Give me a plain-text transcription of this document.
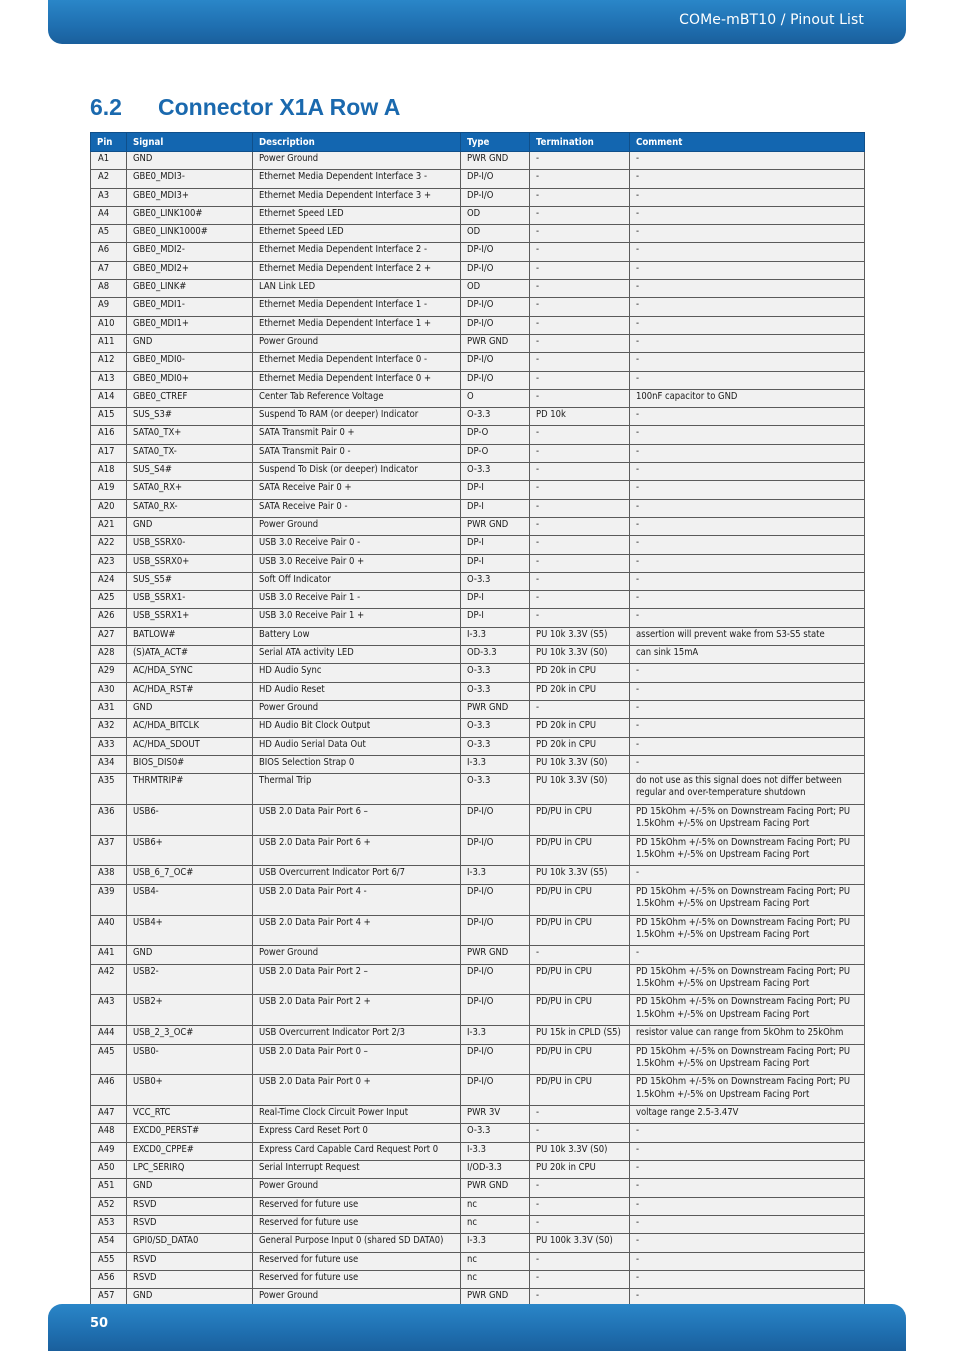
COMe-mBT10 / Pinout List
6.2 Connector X1A Row A
Pin	Signal	Description	Type	Termination	Comment
A1	GND	Power Ground	PWR GND	-	-
A2	GBE0_MDI3-	Ethernet Media Dependent Interface 3 -	DP-I/O	-	-
A3	GBE0_MDI3+	Ethernet Media Dependent Interface 3 +	DP-I/O	-	-
A4	GBE0_LINK100#	Ethernet Speed LED	OD	-	-
A5	GBE0_LINK1000#	Ethernet Speed LED	OD	-	-
A6	GBE0_MDI2-	Ethernet Media Dependent Interface 2 -	DP-I/O	-	-
A7	GBE0_MDI2+	Ethernet Media Dependent Interface 2 +	DP-I/O	-	-
A8	GBE0_LINK#	LAN Link LED	OD	-	-
A9	GBE0_MDI1-	Ethernet Media Dependent Interface 1 -	DP-I/O	-	-
A10	GBE0_MDI1+	Ethernet Media Dependent Interface 1 +	DP-I/O	-	-
A11	GND	Power Ground	PWR GND	-	-
A12	GBE0_MDI0-	Ethernet Media Dependent Interface 0 -	DP-I/O	-	-
A13	GBE0_MDI0+	Ethernet Media Dependent Interface 0 +	DP-I/O	-	-
A14	GBE0_CTREF	Center Tab Reference Voltage	O	-	100nF capacitor to GND
A15	SUS_S3#	Suspend To RAM (or deeper) Indicator	O-3.3	PD 10k	-
A16	SATA0_TX+	SATA Transmit Pair 0 +	DP-O	-	-
A17	SATA0_TX-	SATA Transmit Pair 0 -	DP-O	-	-
A18	SUS_S4#	Suspend To Disk (or deeper) Indicator	O-3.3	-	-
A19	SATA0_RX+	SATA Receive Pair 0 +	DP-I	-	-
A20	SATA0_RX-	SATA Receive Pair 0 -	DP-I	-	-
A21	GND	Power Ground	PWR GND	-	-
A22	USB_SSRX0-	USB 3.0 Receive Pair 0 -	DP-I	-	-
A23	USB_SSRX0+	USB 3.0 Receive Pair 0 +	DP-I	-	-
A24	SUS_S5#	Soft Off Indicator	O-3.3	-	-
A25	USB_SSRX1-	USB 3.0 Receive Pair 1 -	DP-I	-	-
A26	USB_SSRX1+	USB 3.0 Receive Pair 1 +	DP-I	-	-
A27	BATLOW#	Battery Low	I-3.3	PU 10k 3.3V (S5)	assertion will prevent wake from S3-S5 state
A28	(S)ATA_ACT#	Serial ATA activity LED	OD-3.3	PU 10k 3.3V (S0)	can sink 15mA
A29	AC/HDA_SYNC	HD Audio Sync	O-3.3	PD 20k in CPU	-
A30	AC/HDA_RST#	HD Audio Reset	O-3.3	PD 20k in CPU	-
A31	GND	Power Ground	PWR GND	-	-
A32	AC/HDA_BITCLK	HD Audio Bit Clock Output	O-3.3	PD 20k in CPU	-
A33	AC/HDA_SDOUT	HD Audio Serial Data Out	O-3.3	PD 20k in CPU	-
A34	BIOS_DIS0#	BIOS Selection Strap 0	I-3.3	PU 10k 3.3V (S0)	-
A35	THRMTRIP#	Thermal Trip	O-3.3	PU 10k 3.3V (S0)	do not use as this signal does not differ between regular and over-temperature shutdown
A36	USB6-	USB 2.0 Data Pair Port 6 –	DP-I/O	PD/PU in CPU	PD 15kOhm +/-5% on Downstream Facing Port; PU 1.5kOhm +/-5% on Upstream Facing Port
A37	USB6+	USB 2.0 Data Pair Port 6 +	DP-I/O	PD/PU in CPU	PD 15kOhm +/-5% on Downstream Facing Port; PU 1.5kOhm +/-5% on Upstream Facing Port
A38	USB_6_7_OC#	USB Overcurrent Indicator Port 6/7	I-3.3	PU 10k 3.3V (S5)	-
A39	USB4-	USB 2.0 Data Pair Port 4 -	DP-I/O	PD/PU in CPU	PD 15kOhm +/-5% on Downstream Facing Port; PU 1.5kOhm +/-5% on Upstream Facing Port
A40	USB4+	USB 2.0 Data Pair Port 4 +	DP-I/O	PD/PU in CPU	PD 15kOhm +/-5% on Downstream Facing Port; PU 1.5kOhm +/-5% on Upstream Facing Port
A41	GND	Power Ground	PWR GND	-	-
A42	USB2-	USB 2.0 Data Pair Port 2 –	DP-I/O	PD/PU in CPU	PD 15kOhm +/-5% on Downstream Facing Port; PU 1.5kOhm +/-5% on Upstream Facing Port
A43	USB2+	USB 2.0 Data Pair Port 2 +	DP-I/O	PD/PU in CPU	PD 15kOhm +/-5% on Downstream Facing Port; PU 1.5kOhm +/-5% on Upstream Facing Port
A44	USB_2_3_OC#	USB Overcurrent Indicator Port 2/3	I-3.3	PU 15k in CPLD (S5)	resistor value can range from 5kOhm to 25kOhm
A45	USB0-	USB 2.0 Data Pair Port 0 –	DP-I/O	PD/PU in CPU	PD 15kOhm +/-5% on Downstream Facing Port; PU 1.5kOhm +/-5% on Upstream Facing Port
A46	USB0+	USB 2.0 Data Pair Port 0 +	DP-I/O	PD/PU in CPU	PD 15kOhm +/-5% on Downstream Facing Port; PU 1.5kOhm +/-5% on Upstream Facing Port
A47	VCC_RTC	Real-Time Clock Circuit Power Input	PWR 3V	-	voltage range 2.5-3.47V
A48	EXCD0_PERST#	Express Card Reset Port 0	O-3.3	-	-
A49	EXCD0_CPPE#	Express Card Capable Card Request Port 0	I-3.3	PU 10k 3.3V (S0)	-
A50	LPC_SERIRQ	Serial Interrupt Request	I/OD-3.3	PU 20k in CPU	-
A51	GND	Power Ground	PWR GND	-	-
A52	RSVD	Reserved for future use	nc	-	-
A53	RSVD	Reserved for future use	nc	-	-
A54	GPI0/SD_DATA0	General Purpose Input 0 (shared SD DATA0)	I-3.3	PU 100k 3.3V (S0)	-
A55	RSVD	Reserved for future use	nc	-	-
A56	RSVD	Reserved for future use	nc	-	-
A57	GND	Power Ground	PWR GND	-	-
50
